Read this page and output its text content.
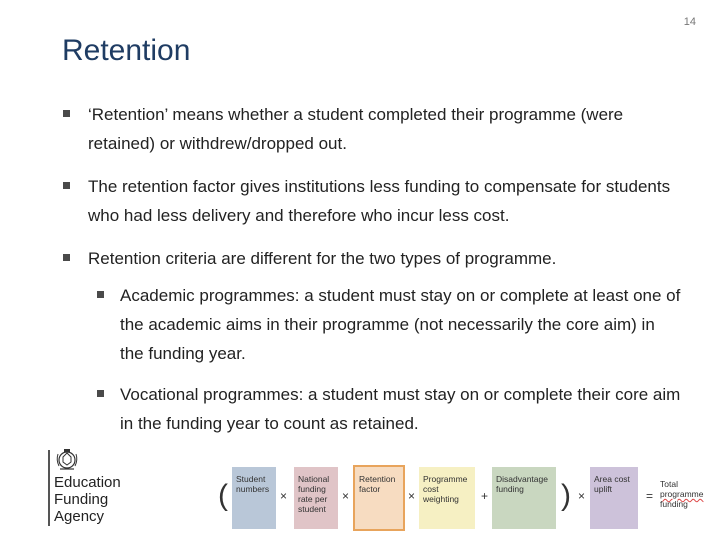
14
Retention
‘Retention’ means whether a student completed their programme (were retained) or withdrew/dropped out.
The retention factor gives institutions less funding to compensate for students who had less delivery and therefore who incur less cost.
Retention criteria are different for the two types of programme.
Academic programmes: a student must stay on or complete at least one of the academic aims in their programme (not necessarily the core aim) in the funding year.
Vocational programmes: a student must stay on or complete their core aim in the funding year to count as retained.
Education
Funding
Agency
( Student numbers ×
National funding rate per student
×
Retention factor	×
Programme cost weighting	+
Disadvantage funding	) ×
Area cost uplift	=
Total
programme
funding
